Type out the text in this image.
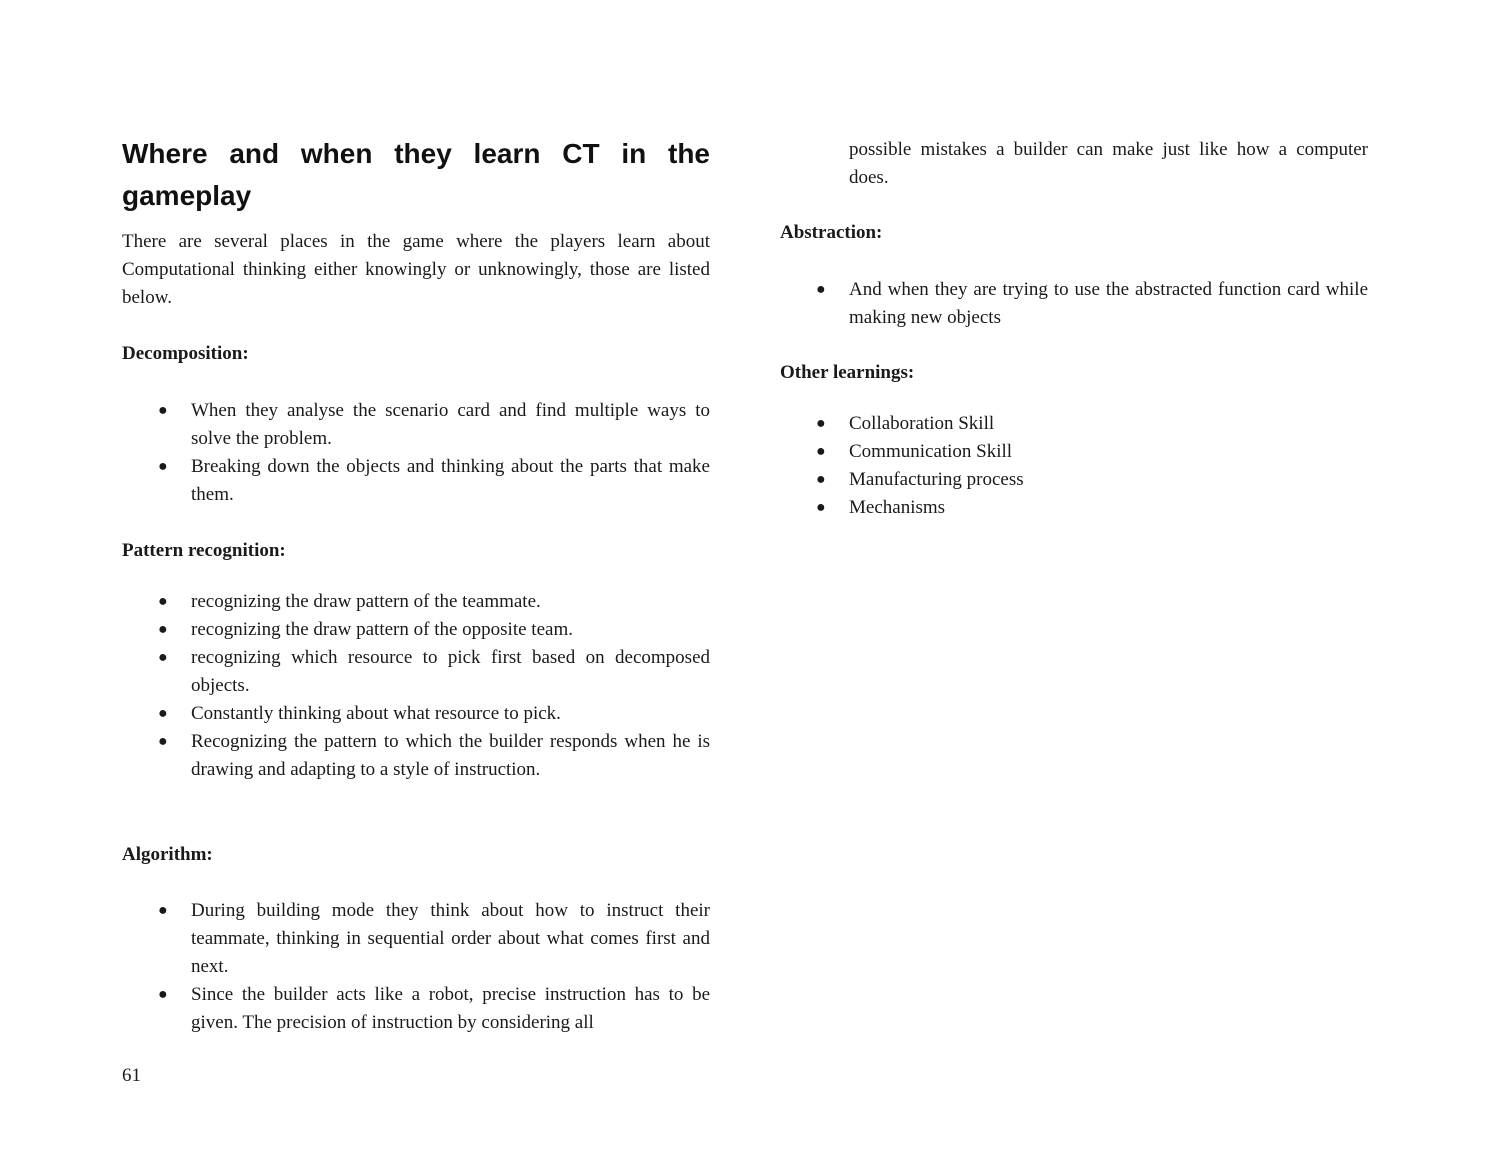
Where and when they learn CT in the gameplay

There are several places in the game where the players learn about Computational thinking either knowingly or unknowingly, those are listed below.

Decomposition:
● When they analyse the scenario card and find multiple ways to solve the problem.
● Breaking down the objects and thinking about the parts that make them.
Pattern recognition:
● recognizing the draw pattern of the teammate.
● recognizing the draw pattern of the opposite team.
● recognizing which resource to pick first based on decomposed objects.
● Constantly thinking about what resource to pick.
● Recognizing the pattern to which the builder responds when he is drawing and adapting to a style of instruction.
Algorithm:
● During building mode they think about how to instruct their teammate, thinking in sequential order about what comes first and next.
● Since the builder acts like a robot, precise instruction has to be given. The precision of instruction by considering all

possible mistakes a builder can make just like how a computer does.

Abstraction:
● And when they are trying to use the abstracted function card while making new objects
Other learnings:
● Collaboration Skill
● Communication Skill
● Manufacturing process
● Mechanisms
61
